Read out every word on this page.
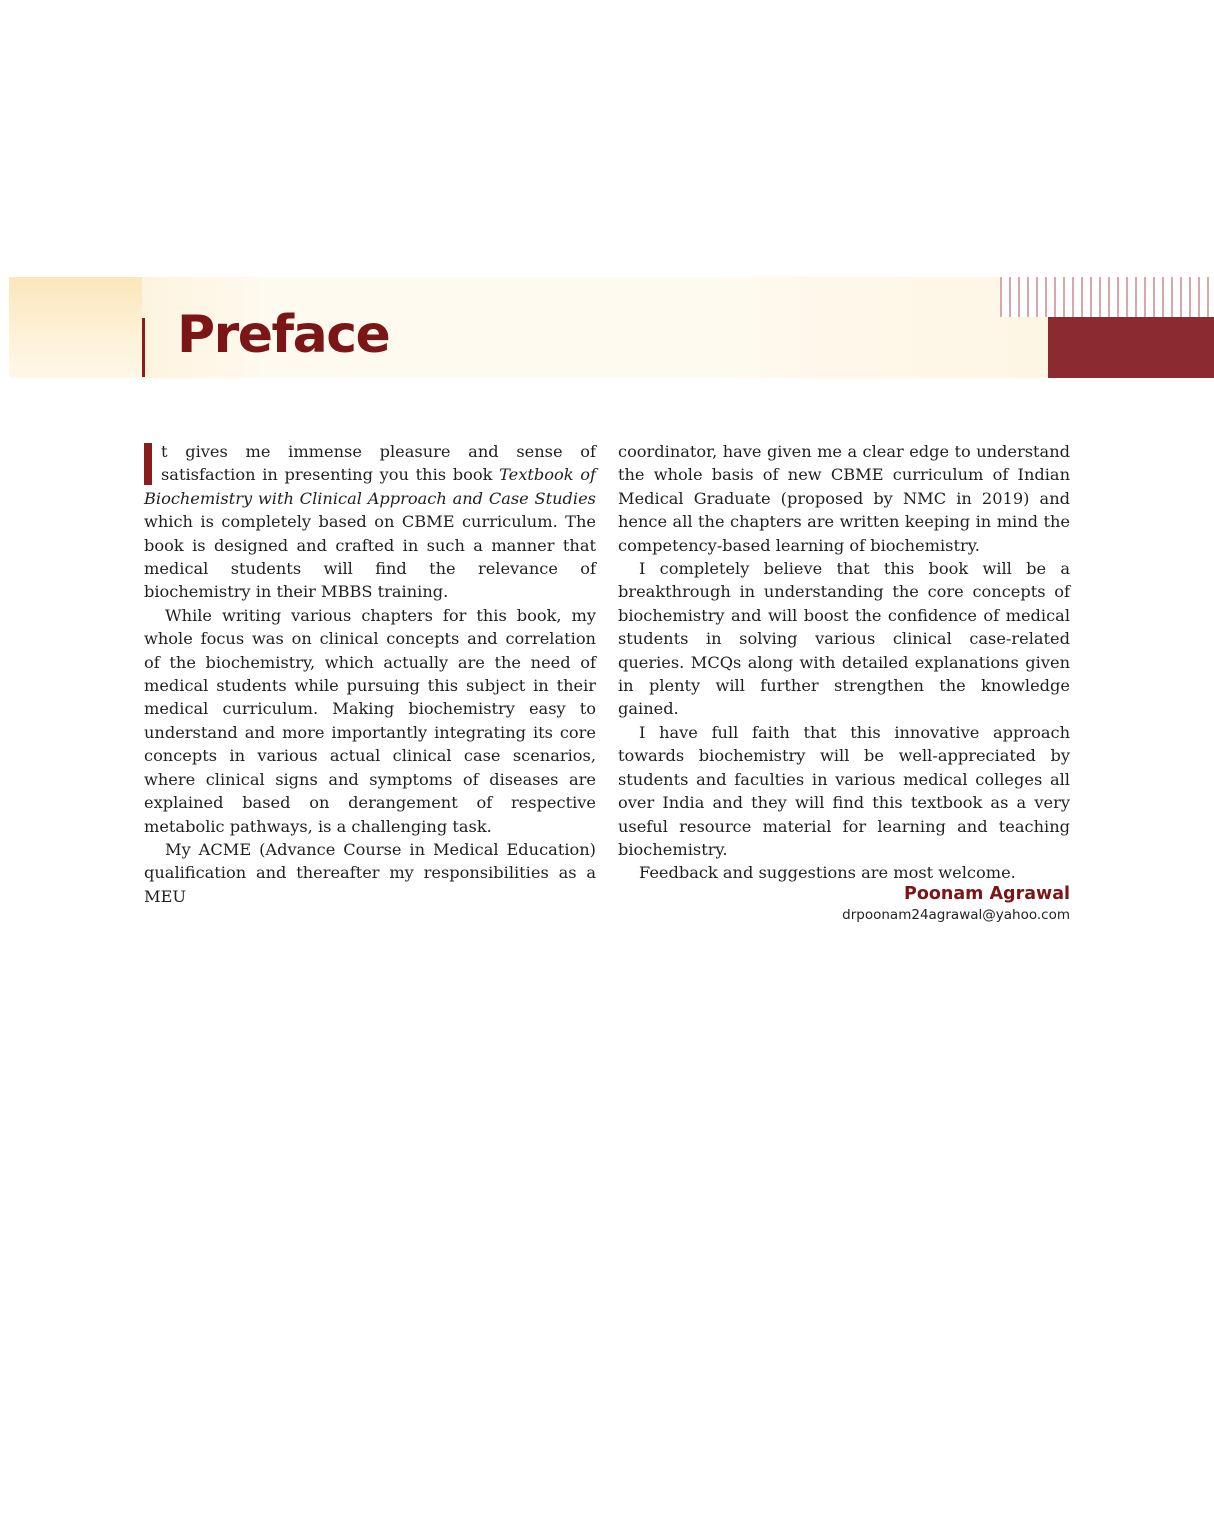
Preface

t gives me immense pleasure and sense of satisfaction in presenting you this book Textbook of Biochemistry with Clinical Approach and Case Studies which is completely based on CBME curriculum. The book is designed and crafted in such a manner that medical students will find the relevance of biochemistry in their MBBS training.

While writing various chapters for this book, my whole focus was on clinical concepts and correlation of the biochemistry, which actually are the need of medical students while pursuing this subject in their medical curriculum. Making biochemistry easy to understand and more importantly integrating its core concepts in various actual clinical case scenarios, where clinical signs and symptoms of diseases are explained based on derangement of respective metabolic pathways, is a challenging task.

My ACME (Advance Course in Medical Education) qualification and thereafter my responsibilities as a MEU

coordinator, have given me a clear edge to understand the whole basis of new CBME curriculum of Indian Medical Graduate (proposed by NMC in 2019) and hence all the chapters are written keeping in mind the competency-based learning of biochemistry.

I completely believe that this book will be a breakthrough in understanding the core concepts of biochemistry and will boost the confidence of medical students in solving various clinical case-related queries. MCQs along with detailed explanations given in plenty will further strengthen the knowledge gained.

I have full faith that this innovative approach towards biochemistry will be well-appreciated by students and faculties in various medical colleges all over India and they will find this textbook as a very useful resource material for learning and teaching biochemistry.

Feedback and suggestions are most welcome.

Poonam Agrawal
drpoonam24agrawal@yahoo.com
